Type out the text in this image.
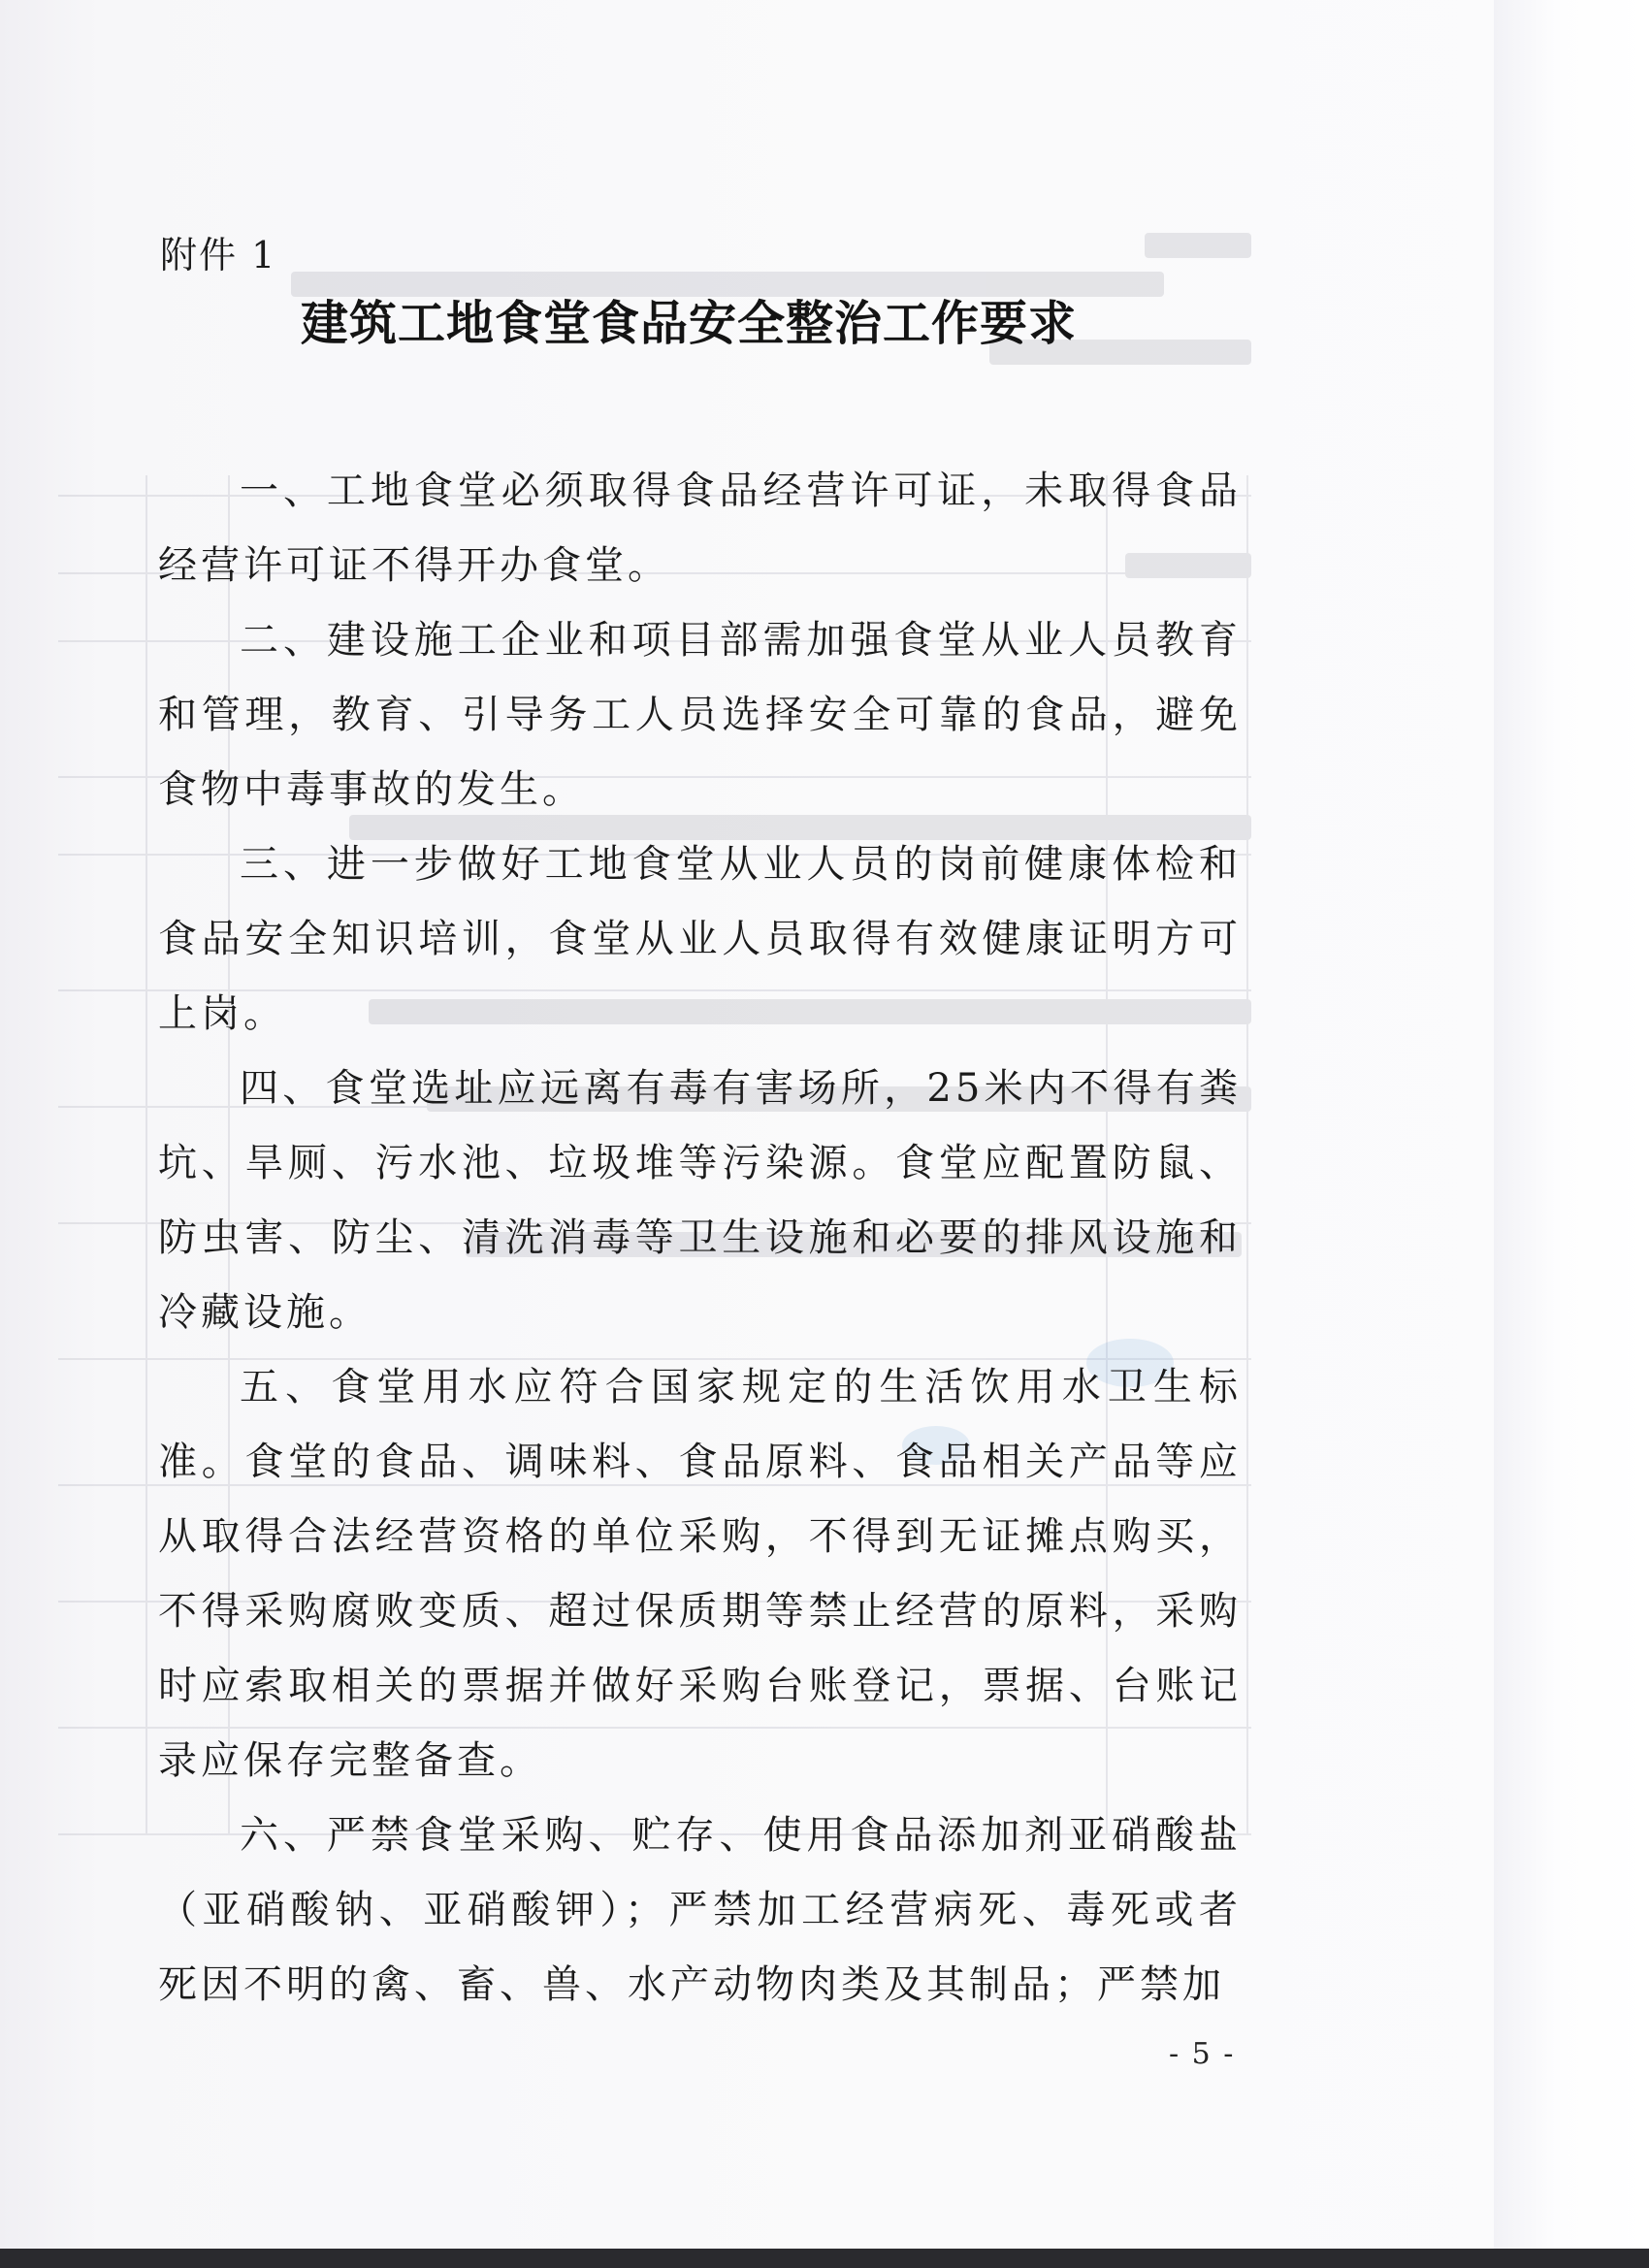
附件 1
建筑工地食堂食品安全整治工作要求

一、工地食堂必须取得食品经营许可证，未取得食品经营许可证不得开办食堂。

二、建设施工企业和项目部需加强食堂从业人员教育和管理，教育、引导务工人员选择安全可靠的食品，避免食物中毒事故的发生。

三、进一步做好工地食堂从业人员的岗前健康体检和食品安全知识培训，食堂从业人员取得有效健康证明方可上岗。

四、食堂选址应远离有毒有害场所，25米内不得有粪坑、旱厕、污水池、垃圾堆等污染源。食堂应配置防鼠、防虫害、防尘、清洗消毒等卫生设施和必要的排风设施和冷藏设施。

五、食堂用水应符合国家规定的生活饮用水卫生标准。食堂的食品、调味料、食品原料、食品相关产品等应从取得合法经营资格的单位采购，不得到无证摊点购买，不得采购腐败变质、超过保质期等禁止经营的原料，采购时应索取相关的票据并做好采购台账登记，票据、台账记录应保存完整备查。

六、严禁食堂采购、贮存、使用食品添加剂亚硝酸盐（亚硝酸钠、亚硝酸钾）；严禁加工经营病死、毒死或者死因不明的禽、畜、兽、水产动物肉类及其制品；严禁加

- 5 -
